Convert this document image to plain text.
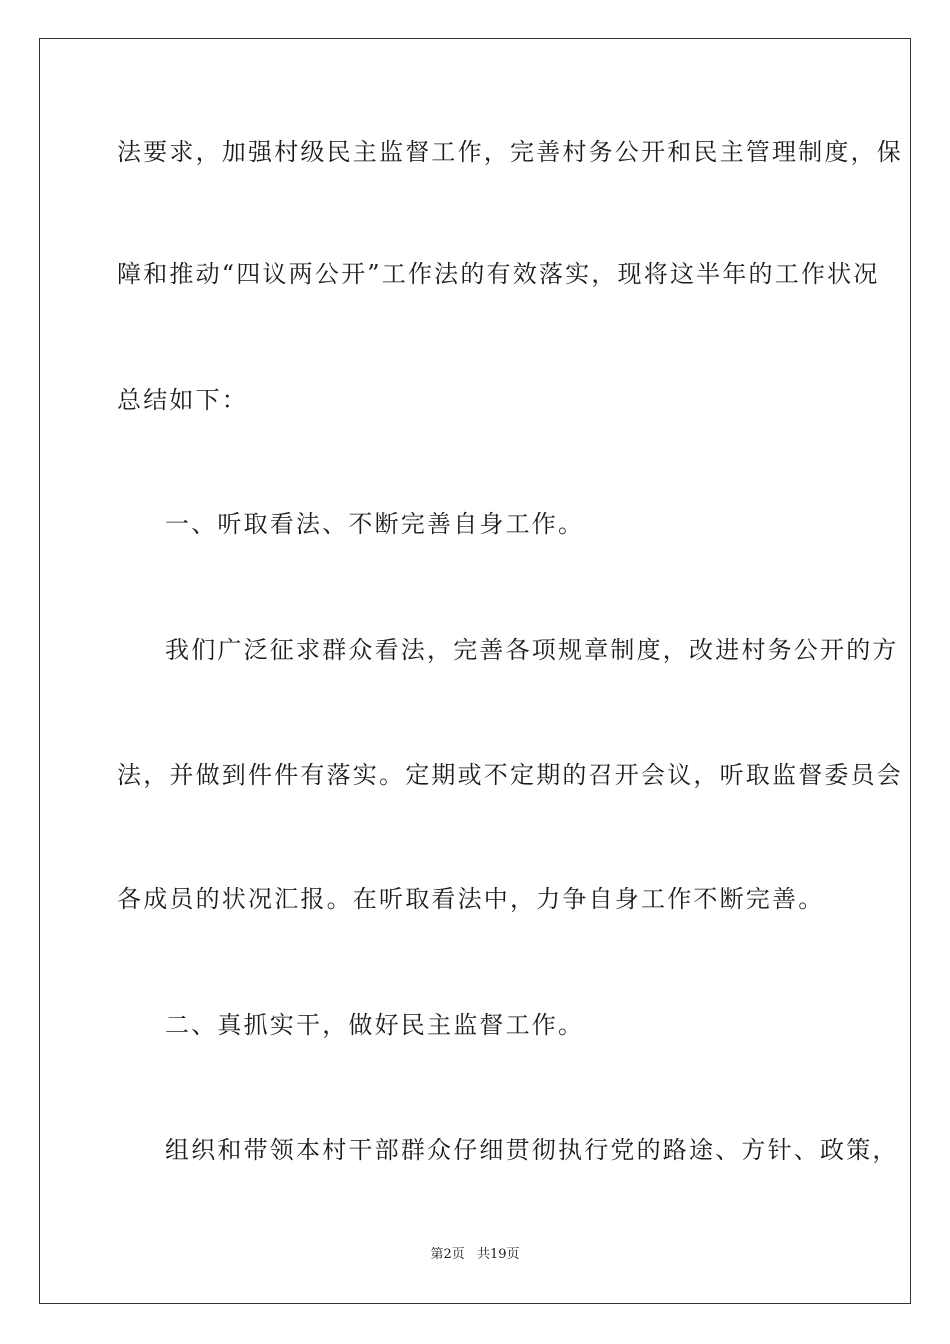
法要求，加强村级民主监督工作，完善村务公开和民主管理制度，保
障和推动“四议两公开”工作法的有效落实，现将这半年的工作状况
总结如下：
一、听取看法、不断完善自身工作。
我们广泛征求群众看法，完善各项规章制度，改进村务公开的方
法，并做到件件有落实。定期或不定期的召开会议，听取监督委员会
各成员的状况汇报。在听取看法中，力争自身工作不断完善。
二、真抓实干，做好民主监督工作。
组织和带领本村干部群众仔细贯彻执行党的路途、方针、政策，
第2页 共19页
